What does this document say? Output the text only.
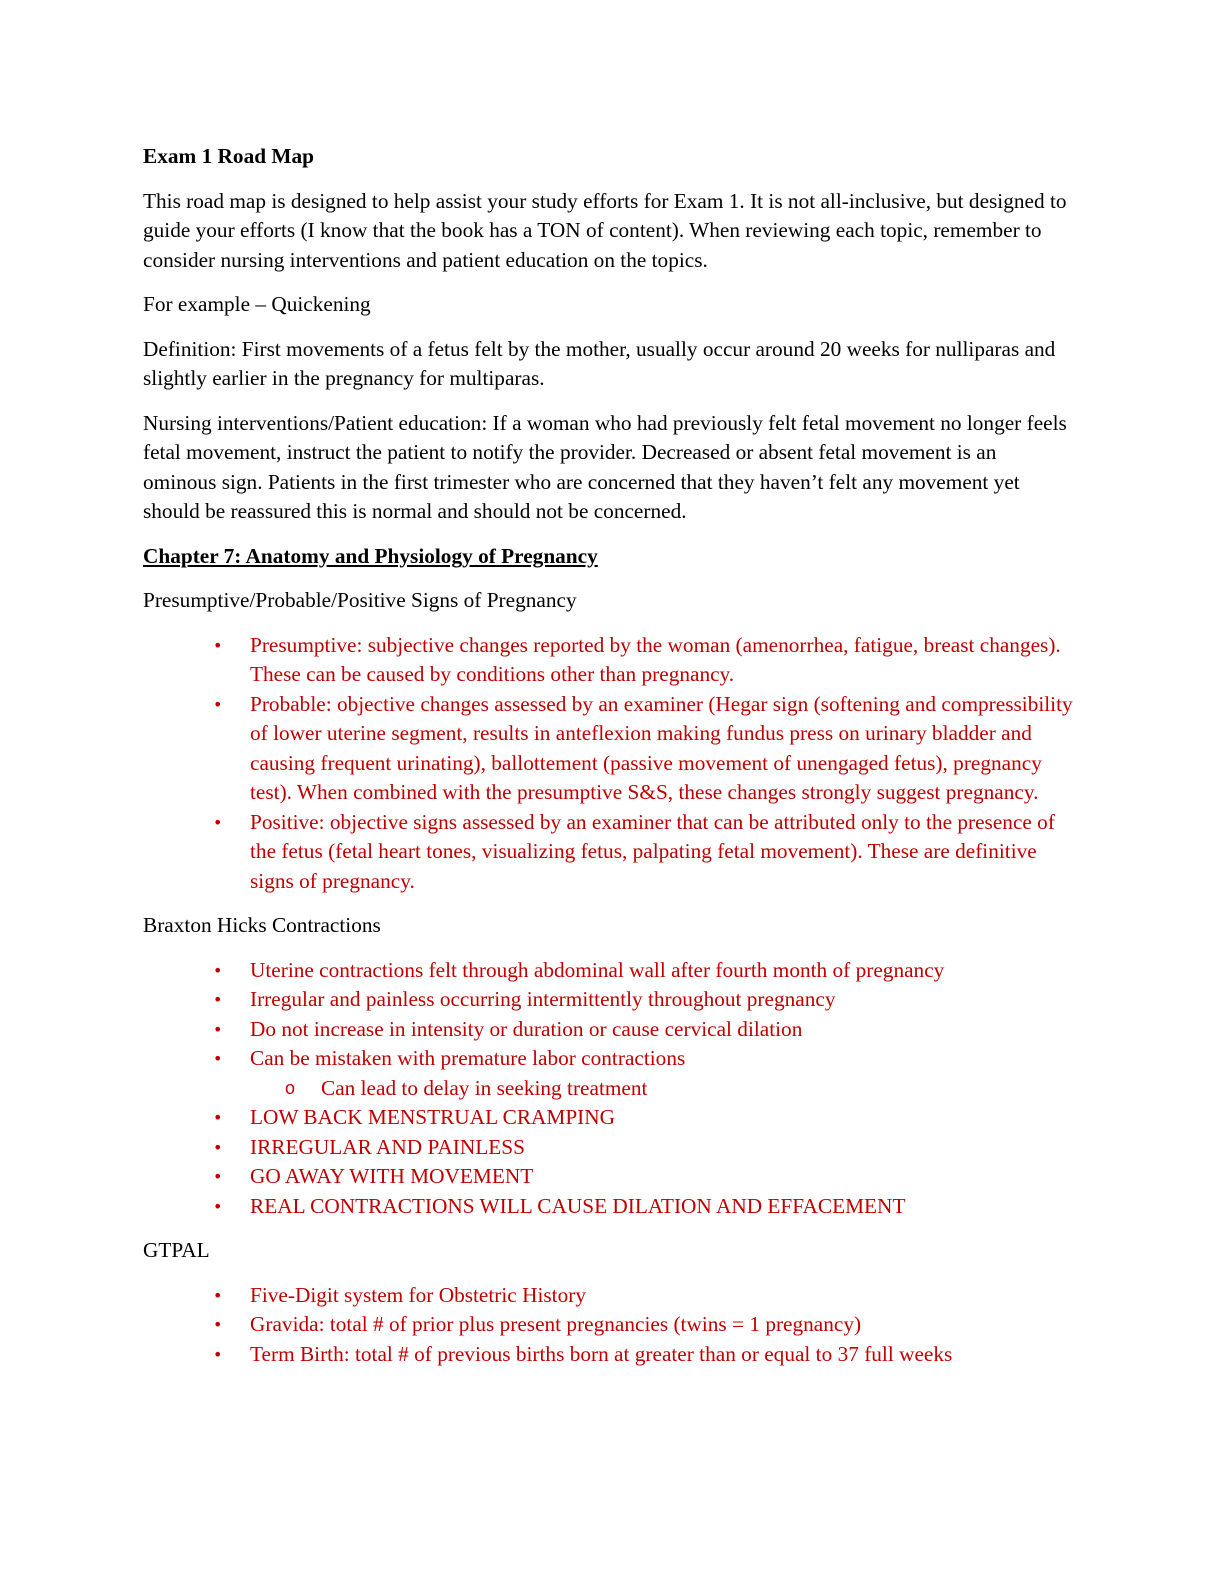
Exam 1 Road Map

This road map is designed to help assist your study efforts for Exam 1. It is not all-inclusive, but designed to guide your efforts (I know that the book has a TON of content). When reviewing each topic, remember to consider nursing interventions and patient education on the topics.

For example – Quickening

Definition: First movements of a fetus felt by the mother, usually occur around 20 weeks for nulliparas and slightly earlier in the pregnancy for multiparas.

Nursing interventions/Patient education: If a woman who had previously felt fetal movement no longer feels fetal movement, instruct the patient to notify the provider. Decreased or absent fetal movement is an ominous sign. Patients in the first trimester who are concerned that they haven’t felt any movement yet should be reassured this is normal and should not be concerned.

Chapter 7: Anatomy and Physiology of Pregnancy

Presumptive/Probable/Positive Signs of Pregnancy

• Presumptive: subjective changes reported by the woman (amenorrhea, fatigue, breast changes). These can be caused by conditions other than pregnancy.
• Probable: objective changes assessed by an examiner (Hegar sign (softening and compressibility of lower uterine segment, results in anteflexion making fundus press on urinary bladder and causing frequent urinating), ballottement (passive movement of unengaged fetus), pregnancy test). When combined with the presumptive S&S, these changes strongly suggest pregnancy.
• Positive: objective signs assessed by an examiner that can be attributed only to the presence of the fetus (fetal heart tones, visualizing fetus, palpating fetal movement). These are definitive signs of pregnancy.

Braxton Hicks Contractions

• Uterine contractions felt through abdominal wall after fourth month of pregnancy
• Irregular and painless occurring intermittently throughout pregnancy
• Do not increase in intensity or duration or cause cervical dilation
• Can be mistaken with premature labor contractions
o Can lead to delay in seeking treatment
• LOW BACK MENSTRUAL CRAMPING
• IRREGULAR AND PAINLESS
• GO AWAY WITH MOVEMENT
• REAL CONTRACTIONS WILL CAUSE DILATION AND EFFACEMENT

GTPAL

• Five-Digit system for Obstetric History
• Gravida: total # of prior plus present pregnancies (twins = 1 pregnancy)
• Term Birth: total # of previous births born at greater than or equal to 37 full weeks
